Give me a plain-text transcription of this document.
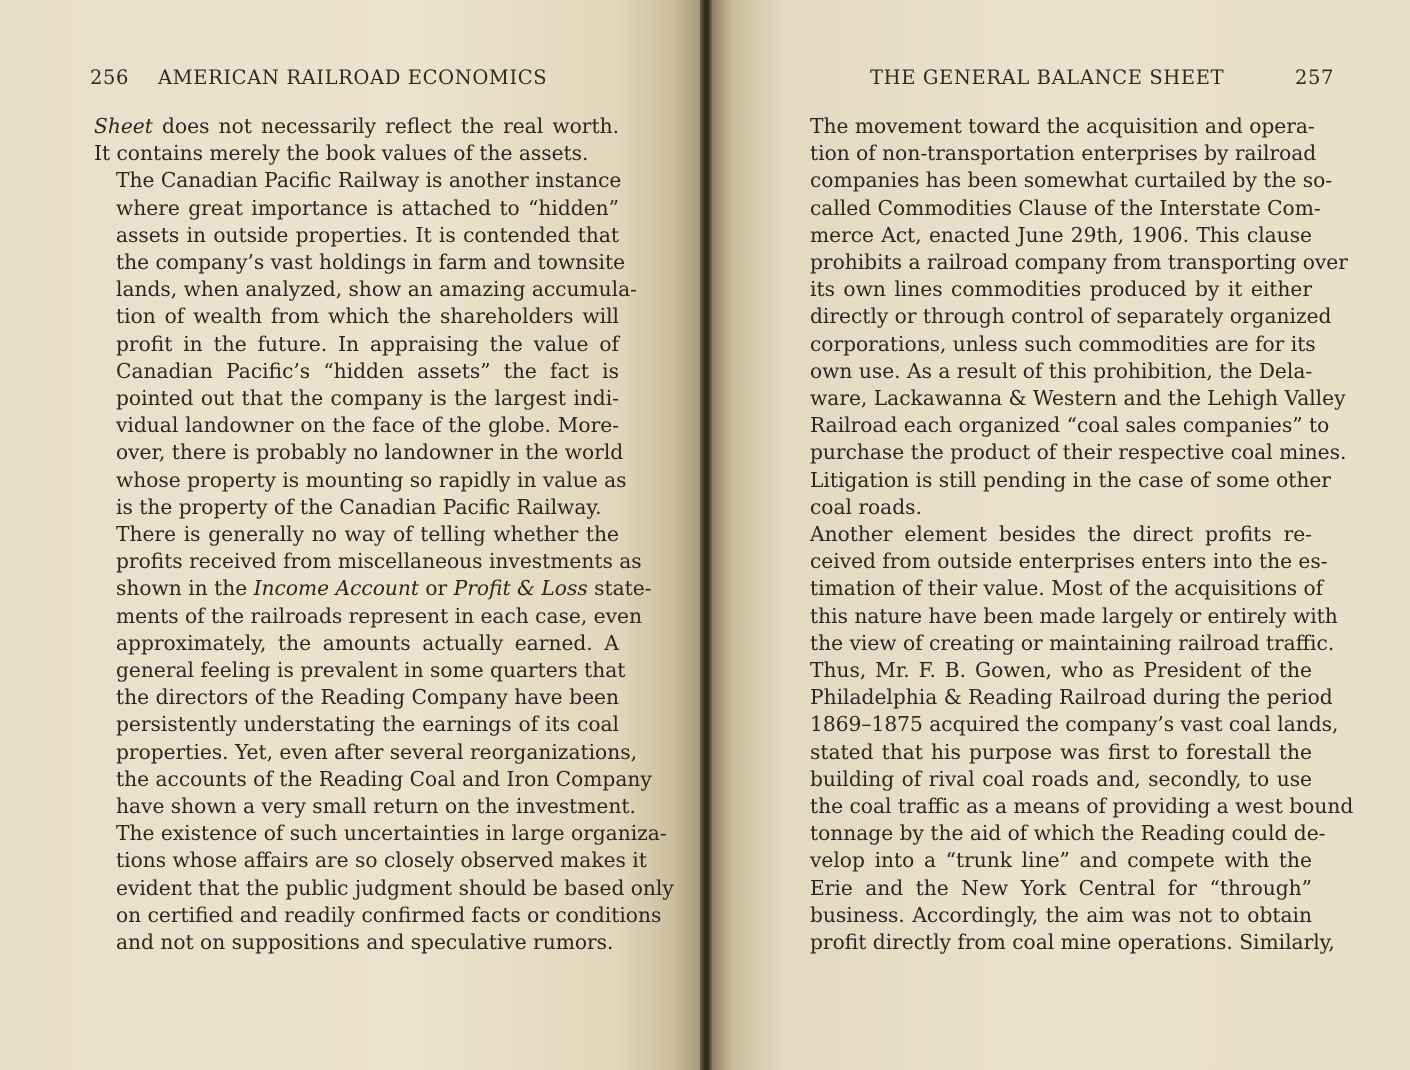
256 AMERICAN RAILROAD ECONOMICS

Sheet does not necessarily reflect the real worth.
It contains merely the book values of the assets.

The Canadian Pacific Railway is another instance
where great importance is attached to “hidden”
assets in outside properties. It is contended that
the company’s vast holdings in farm and townsite
lands, when analyzed, show an amazing accumula-
tion of wealth from which the shareholders will
profit in the future. In appraising the value of
Canadian Pacific’s “hidden assets” the fact is
pointed out that the company is the largest indi-
vidual landowner on the face of the globe. More-
over, there is probably no landowner in the world
whose property is mounting so rapidly in value as
is the property of the Canadian Pacific Railway.

There is generally no way of telling whether the
profits received from miscellaneous investments as
shown in the Income Account or Profit & Loss state-
ments of the railroads represent in each case, even
approximately, the amounts actually earned. A
general feeling is prevalent in some quarters that
the directors of the Reading Company have been
persistently understating the earnings of its coal
properties. Yet, even after several reorganizations,
the accounts of the Reading Coal and Iron Company
have shown a very small return on the investment.
The existence of such uncertainties in large organiza-
tions whose affairs are so closely observed makes it
evident that the public judgment should be based only
on certified and readily confirmed facts or conditions
and not on suppositions and speculative rumors.

THE GENERAL BALANCE SHEET	257

The movement toward the acquisition and opera-
tion of non-transportation enterprises by railroad
companies has been somewhat curtailed by the so-
called Commodities Clause of the Interstate Com-
merce Act, enacted June 29th, 1906. This clause
prohibits a railroad company from transporting over
its own lines commodities produced by it either
directly or through control of separately organized
corporations, unless such commodities are for its
own use. As a result of this prohibition, the Dela-
ware, Lackawanna & Western and the Lehigh Valley
Railroad each organized “coal sales companies” to
purchase the product of their respective coal mines.
Litigation is still pending in the case of some other
coal roads.

Another element besides the direct profits re-
ceived from outside enterprises enters into the es-
timation of their value. Most of the acquisitions of
this nature have been made largely or entirely with
the view of creating or maintaining railroad traffic.
Thus, Mr. F. B. Gowen, who as President of the
Philadelphia & Reading Railroad during the period
1869–1875 acquired the company’s vast coal lands,
stated that his purpose was first to forestall the
building of rival coal roads and, secondly, to use
the coal traffic as a means of providing a west bound
tonnage by the aid of which the Reading could de-
velop into a “trunk line” and compete with the
Erie and the New York Central for “through”
business. Accordingly, the aim was not to obtain
profit directly from coal mine operations. Similarly,
